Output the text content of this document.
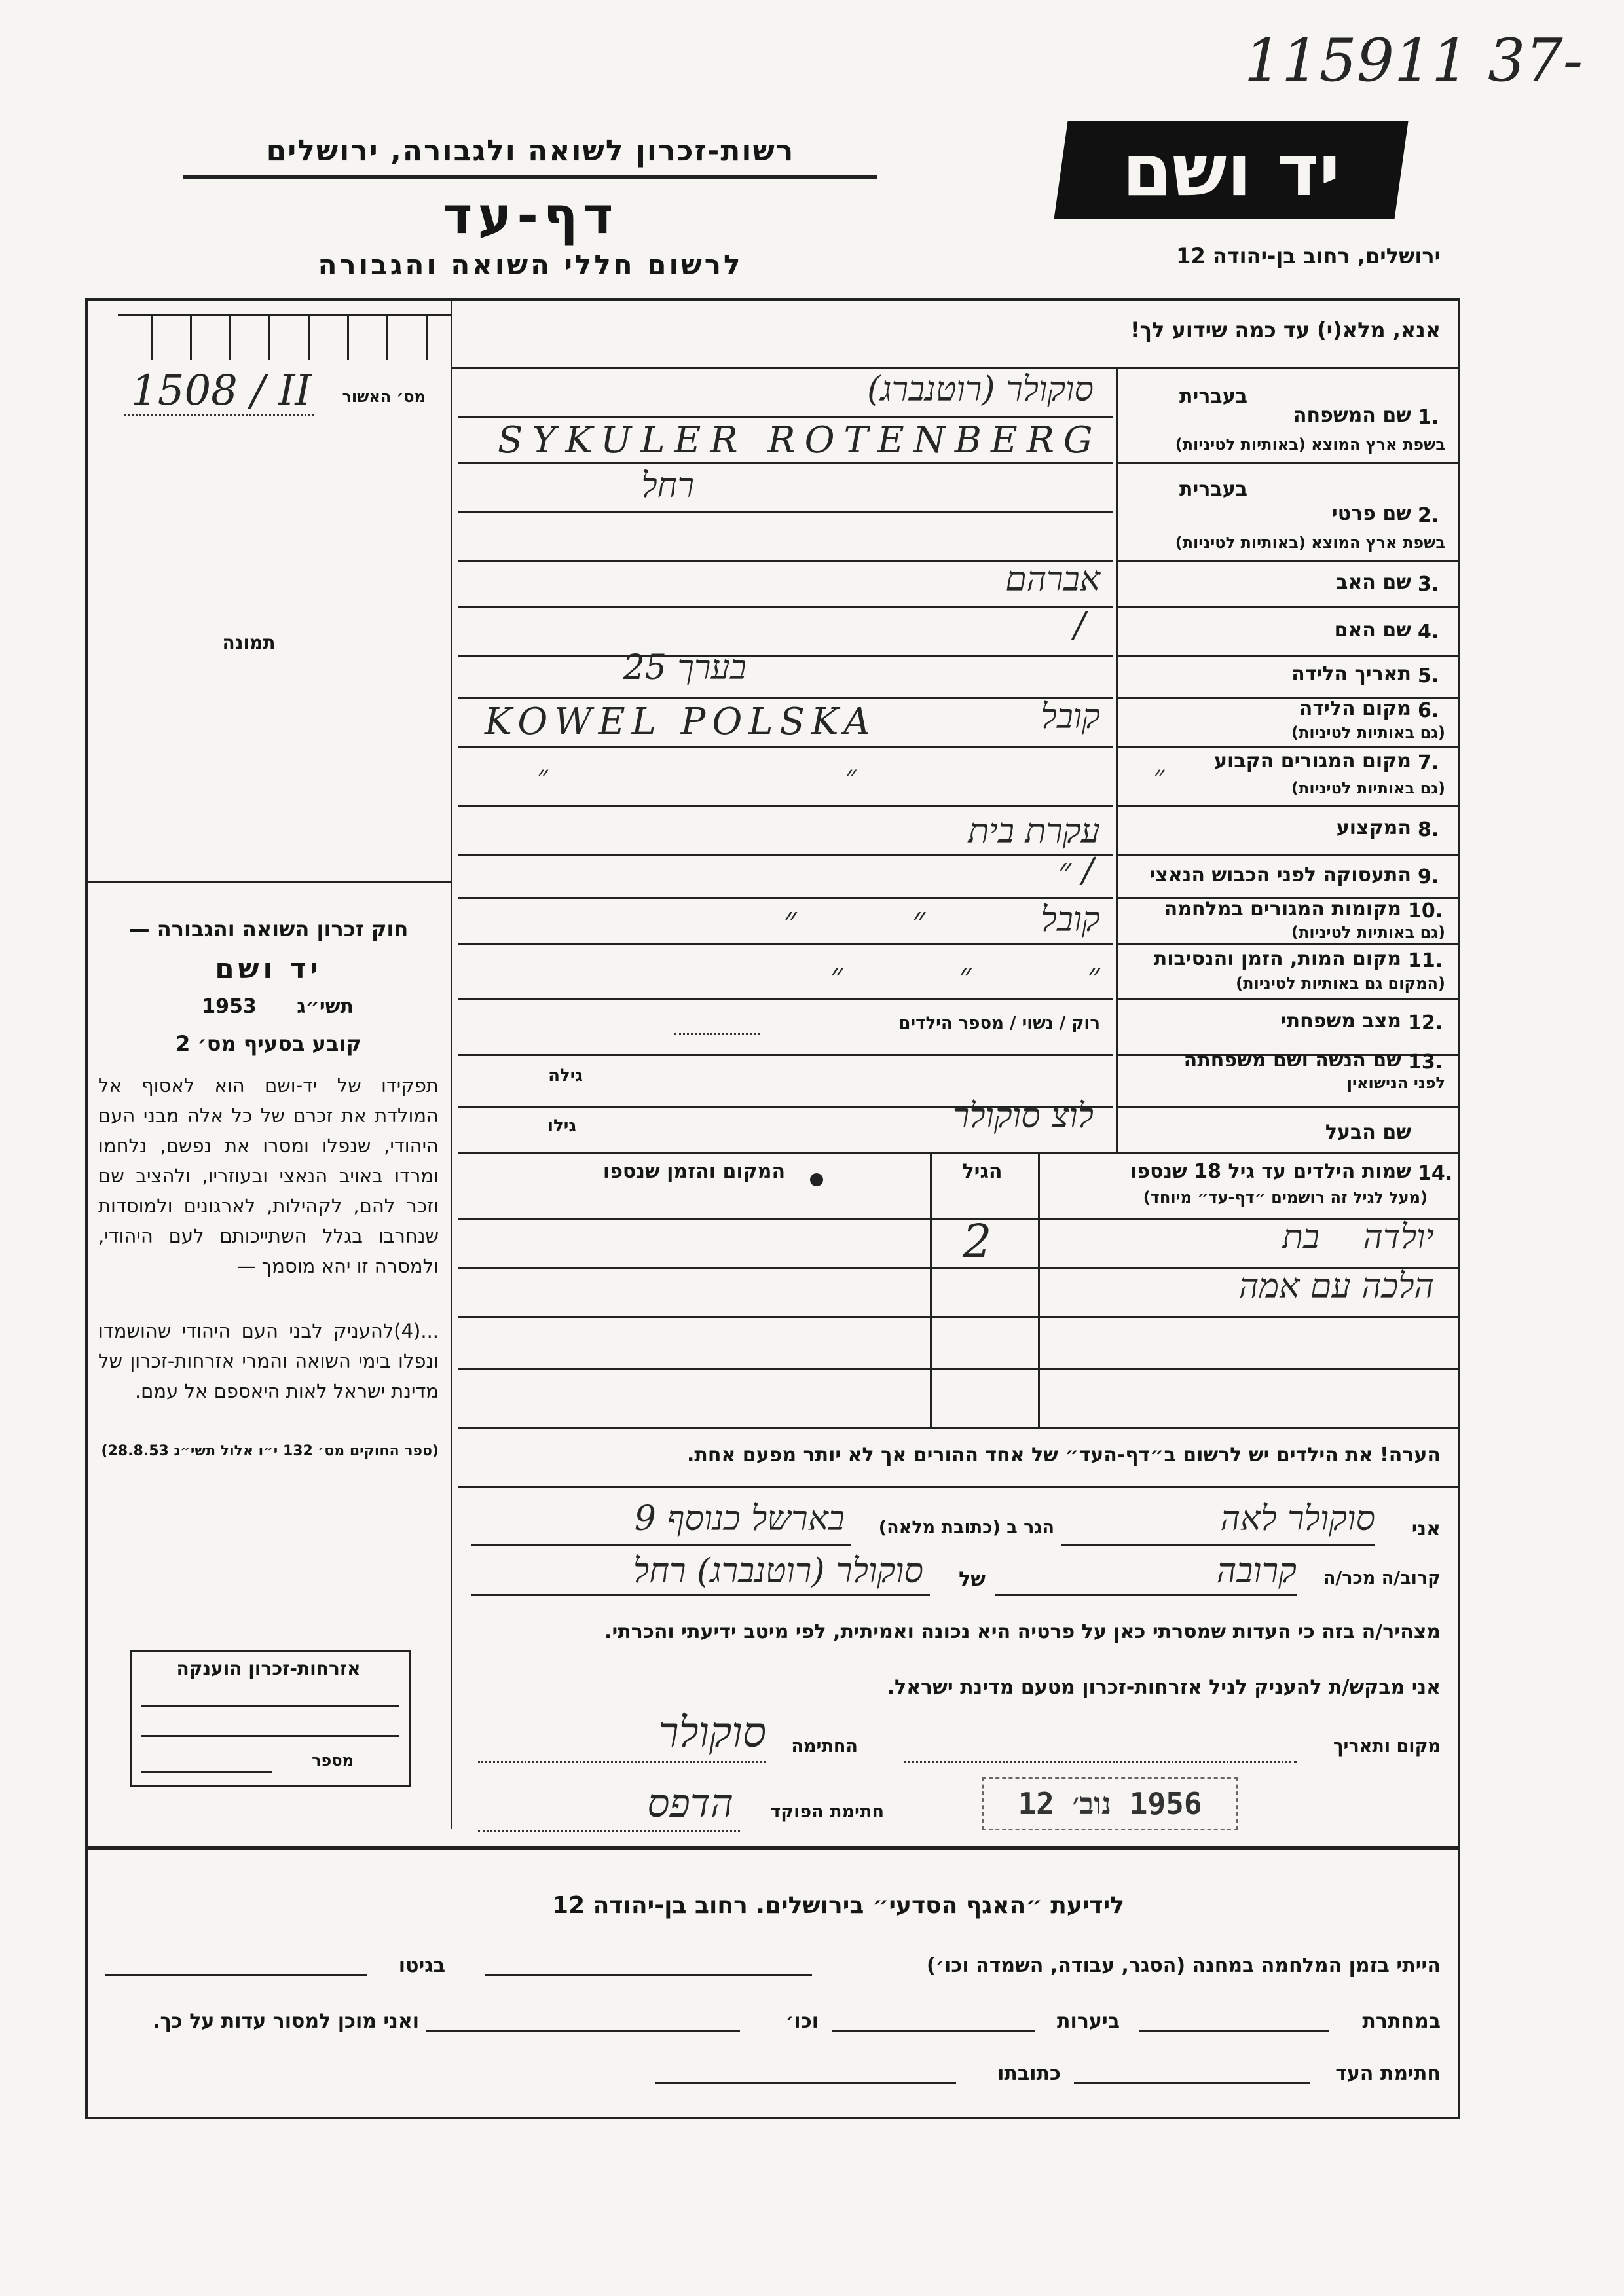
115911 37-
רשות-זכרון לשואה ולגבורה, ירושלים
דף-עד
לרשום חללי השואה והגבורה
יד ושם
ירושלים, רחוב בן-יהודה 12
מס׳ האשור
1508 / II
תמונה
חוק זכרון השואה והגבורה —
יד ושם
תשי״ג
1953
קובע בסעיף מס׳ 2
תפקידו של יד-ושם הוא לאסוף אל המולדת את זכרם של כל אלה מבני העם היהודי, שנפלו ומסרו את נפשם, נלחמו ומרדו באויב הנאצי ובעוזריו, ולהציב שם וזכר להם, לקהילות, לארגונים ולמוסדות שנחרבו בגלל השתייכותם לעם היהודי, ולמסרה זו יהא מוסמך —
...(4)להעניק לבני העם היהודי שהושמדו ונפלו בימי השואה והמרי אזרחות-זכרון של מדינת ישראל לאות היאספם אל עמם.
(ספר החוקים מס׳ 132 י״ו אלול תשי״ג 28.8.53)
אזרחות-זכרון הוענקה
מספר
אנא, מלא(י) עד כמה שידוע לך!
בעברית
1.
שם המשפחה
בשפת ארץ המוצא (באותיות לטיניות)
סוקולר (רוטנברג)
SYKULER ROTENBERG
בעברית
2.
שם פרטי
בשפת ארץ המוצא (באותיות לטיניות)
רחל
3.
שם האב
אברהם
4.
שם האם
/
5.
תאריך הלידה
בערך 25
6.
מקום הלידה
(גם באותיות לטיניות)
קובל
KOWEL POLSKA
7.
מקום המגורים הקבוע
(גם באותיות לטיניות)
״ ״ ״
8.
המקצוע
עקרת בית
9.
התעסוקה לפני הכבוש הנאצי
/ ״
10.
מקומות המגורים במלחמה
(גם באותיות לטיניות)
קובל ״ ״
11.
מקום המות, הזמן והנסיבות
(המקום גם באותיות לטיניות)
״ ״ ״
12.
מצב משפחתי
רוק / נשוי / מספר הילדים
13.
שם הנשה ושם משפחתה
לפני הנישואין
גילה
שם הבעל
לוצ סוקולר
גילו
14.
שמות הילדים עד גיל 18 שנספו
(מעל לגיל זה רושמים ״דף-עד״ מיוחד)
הגיל
המקום והזמן שנספו
יולדה בת
2
הלכה עם אמה
הערה! את הילדים יש לרשום ב״דף-העד״ של אחד ההורים אך לא יותר מפעם אחת.
אני
סוקולר לאה
הגר ב (כתובת מלאה)
בארשל כנוסף 9
קרוב/ה מכר/ה
קרובה
של
סוקולר (רוטנברג) רחל
מצהיר/ה בזה כי העדות שמסרתי כאן על פרטיה היא נכונה ואמיתית, לפי מיטב ידיעתי והכרתי.
אני מבקש/ת להעניק לניל אזרחות-זכרון מטעם מדינת ישראל.
מקום ותאריך
החתימה
סוקולר
1956 נוב׳ 12
חתימת הפוקד
הדפס
לידיעת ״האגף הסדעי״ בירושלים. רחוב בן-יהודה 12
הייתי בזמן המלחמה במחנה (הסגר, עבודה, השמדה וכו׳)
בגיטו
במחתרת
ביערות
וכו׳
ואני מוכן למסור עדות על כך.
חתימת העד
כתובתו
